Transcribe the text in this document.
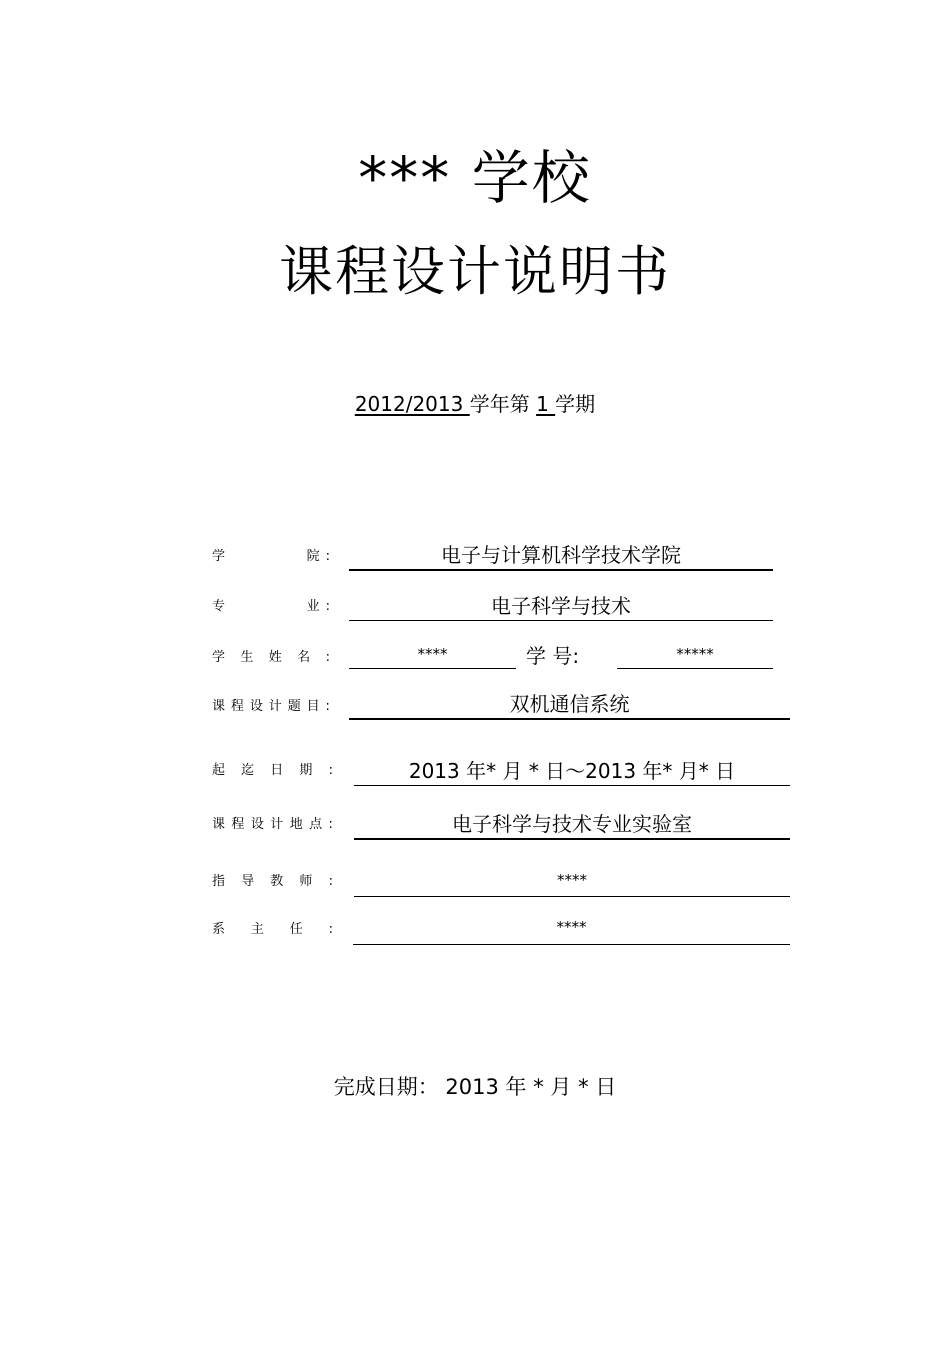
*** 学校
课程设计说明书
2012/2013 学年第 1 学期
学	院 :	电子与计算机科学技术学院
专	业 :	电子科学与技术
学 生 姓 名 :	****	学 号:	*****
课 程 设 计 题 目 :	双机通信系统
起 迄 日 期 :	2013 年* 月 * 日～2013 年* 月* 日
课 程 设 计 地 点 :	电子科学与技术专业实验室
指 导 教 师 :	****
系 主 任 :	****
完成日期： 2013 年 * 月 * 日
